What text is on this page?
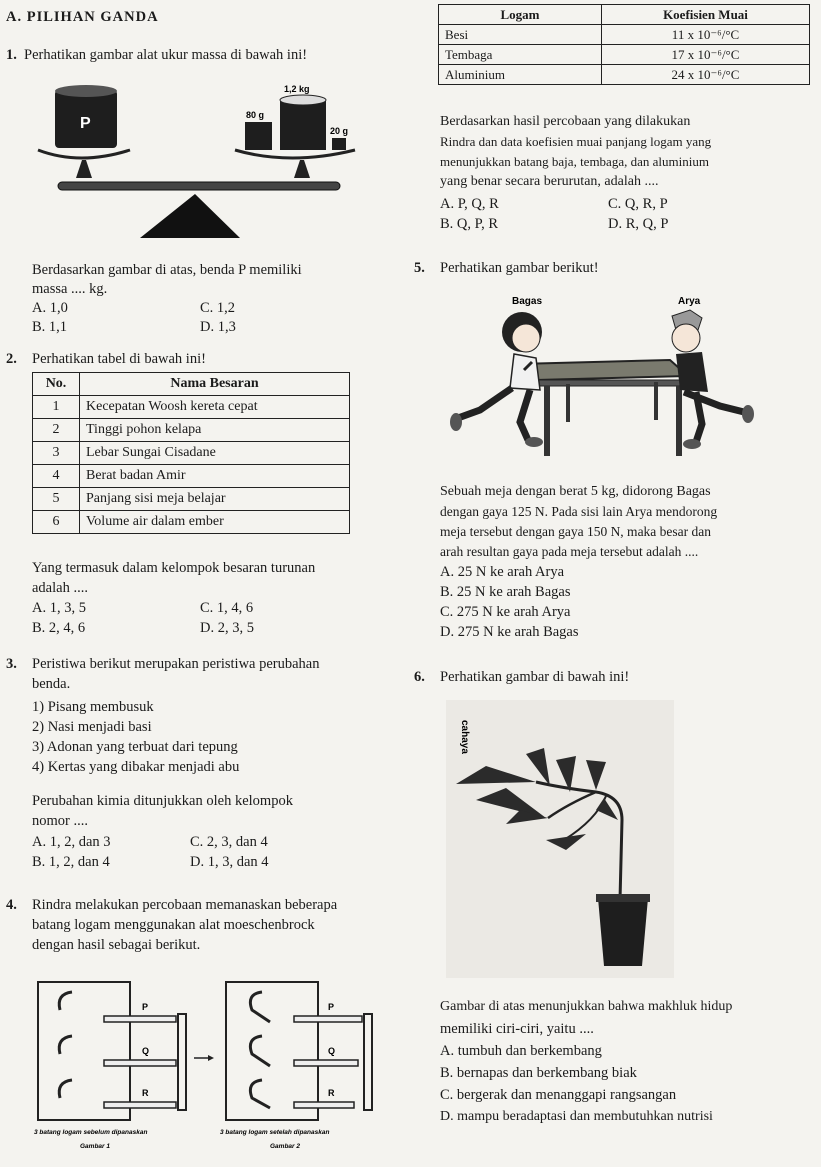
A. PILIHAN GANDA
1. Perhatikan gambar alat ukur massa di bawah ini!
P
1,2 kg
80 g
20 g
Berdasarkan gambar di atas, benda P memiliki
massa .... kg.
A. 1,0
B. 1,1
C. 1,2
D. 1,3
2. Perhatikan tabel di bawah ini!
No.	Nama Besaran
1	Kecepatan Woosh kereta cepat
2	Tinggi pohon kelapa
3	Lebar Sungai Cisadane
4	Berat badan Amir
5	Panjang sisi meja belajar
6	Volume air dalam ember
Yang termasuk dalam kelompok besaran turunan
adalah ....
A. 1, 3, 5
B. 2, 4, 6
C. 1, 4, 6
D. 2, 3, 5
3. Peristiwa berikut merupakan peristiwa perubahan
benda.
1) Pisang membusuk
2) Nasi menjadi basi
3) Adonan yang terbuat dari tepung
4) Kertas yang dibakar menjadi abu
Perubahan kimia ditunjukkan oleh kelompok
nomor ....
A. 1, 2, dan 3
B. 1, 2, dan 4
C. 2, 3, dan 4
D. 1, 3, dan 4
4. Rindra melakukan percobaan memanaskan beberapa
batang logam menggunakan alat moeschenbrock
dengan hasil sebagai berikut.
P
Q
R
P
Q
R
3 batang logam sebelum dipanaskan
Gambar 1
3 batang logam setelah dipanaskan
Gambar 2
Logam	Koefisien Muai
Besi	11 x 10⁻⁶/°C
Tembaga	17 x 10⁻⁶/°C
Aluminium	24 x 10⁻⁶/°C
Berdasarkan hasil percobaan yang dilakukan
Rindra dan data koefisien muai panjang logam yang
menunjukkan batang baja, tembaga, dan aluminium
yang benar secara berurutan, adalah ....
A. P, Q, R
B. Q, P, R
C. Q, R, P
D. R, Q, P
5. Perhatikan gambar berikut!
Bagas	Arya
Sebuah meja dengan berat 5 kg, didorong Bagas
dengan gaya 125 N. Pada sisi lain Arya mendorong
meja tersebut dengan gaya 150 N, maka besar dan
arah resultan gaya pada meja tersebut adalah ....
A. 25 N ke arah Arya
B. 25 N ke arah Bagas
C. 275 N ke arah Arya
D. 275 N ke arah Bagas
6. Perhatikan gambar di bawah ini!
cahaya
Gambar di atas menunjukkan bahwa makhluk hidup
memiliki ciri-ciri, yaitu ....
A. tumbuh dan berkembang
B. bernapas dan berkembang biak
C. bergerak dan menanggapi rangsangan
D. mampu beradaptasi dan membutuhkan nutrisi
